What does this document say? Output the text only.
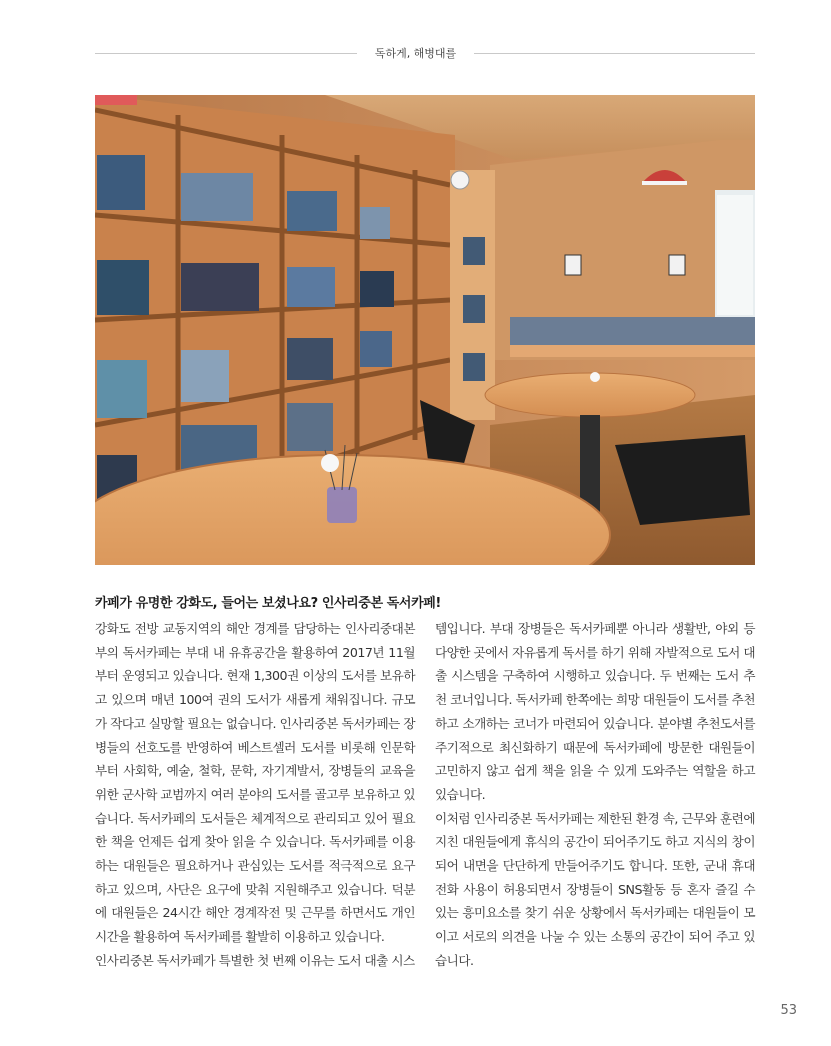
독하게, 해병대를
카페가 유명한 강화도, 들어는 보셨나요? 인사리중본 독서카페!

강화도 전방 교동지역의 해안 경계를 담당하는 인사리중대본부의 독서카페는 부대 내 유휴공간을 활용하여 2017년 11월부터 운영되고 있습니다. 현재 1,300권 이상의 도서를 보유하고 있으며 매년 100여 권의 도서가 새롭게 채워집니다. 규모가 작다고 실망할 필요는 없습니다. 인사리중본 독서카페는 장병들의 선호도를 반영하여 베스트셀러 도서를 비롯해 인문학부터 사회학, 예술, 철학, 문학, 자기계발서, 장병들의 교육을 위한 군사학 교범까지 여러 분야의 도서를 골고루 보유하고 있습니다. 독서카페의 도서들은 체계적으로 관리되고 있어 필요한 책을 언제든 쉽게 찾아 읽을 수 있습니다. 독서카페를 이용하는 대원들은 필요하거나 관심있는 도서를 적극적으로 요구하고 있으며, 사단은 요구에 맞춰 지원해주고 있습니다. 덕분에 대원들은 24시간 해안 경계작전 및 근무를 하면서도 개인시간을 활용하여 독서카페를 활발히 이용하고 있습니다.

인사리중본 독서카페가 특별한 첫 번째 이유는 도서 대출 시스

템입니다. 부대 장병들은 독서카페뿐 아니라 생활반, 야외 등 다양한 곳에서 자유롭게 독서를 하기 위해 자발적으로 도서 대출 시스템을 구축하여 시행하고 있습니다. 두 번째는 도서 추천 코너입니다. 독서카페 한쪽에는 희망 대원들이 도서를 추천하고 소개하는 코너가 마련되어 있습니다. 분야별 추천도서를 주기적으로 최신화하기 때문에 독서카페에 방문한 대원들이 고민하지 않고 쉽게 책을 읽을 수 있게 도와주는 역할을 하고 있습니다.

이처럼 인사리중본 독서카페는 제한된 환경 속, 근무와 훈련에 지친 대원들에게 휴식의 공간이 되어주기도 하고 지식의 창이 되어 내면을 단단하게 만들어주기도 합니다. 또한, 군내 휴대전화 사용이 허용되면서 장병들이 SNS활동 등 혼자 즐길 수 있는 흥미요소를 찾기 쉬운 상황에서 독서카페는 대원들이 모이고 서로의 의견을 나눌 수 있는 소통의 공간이 되어 주고 있습니다.

53
